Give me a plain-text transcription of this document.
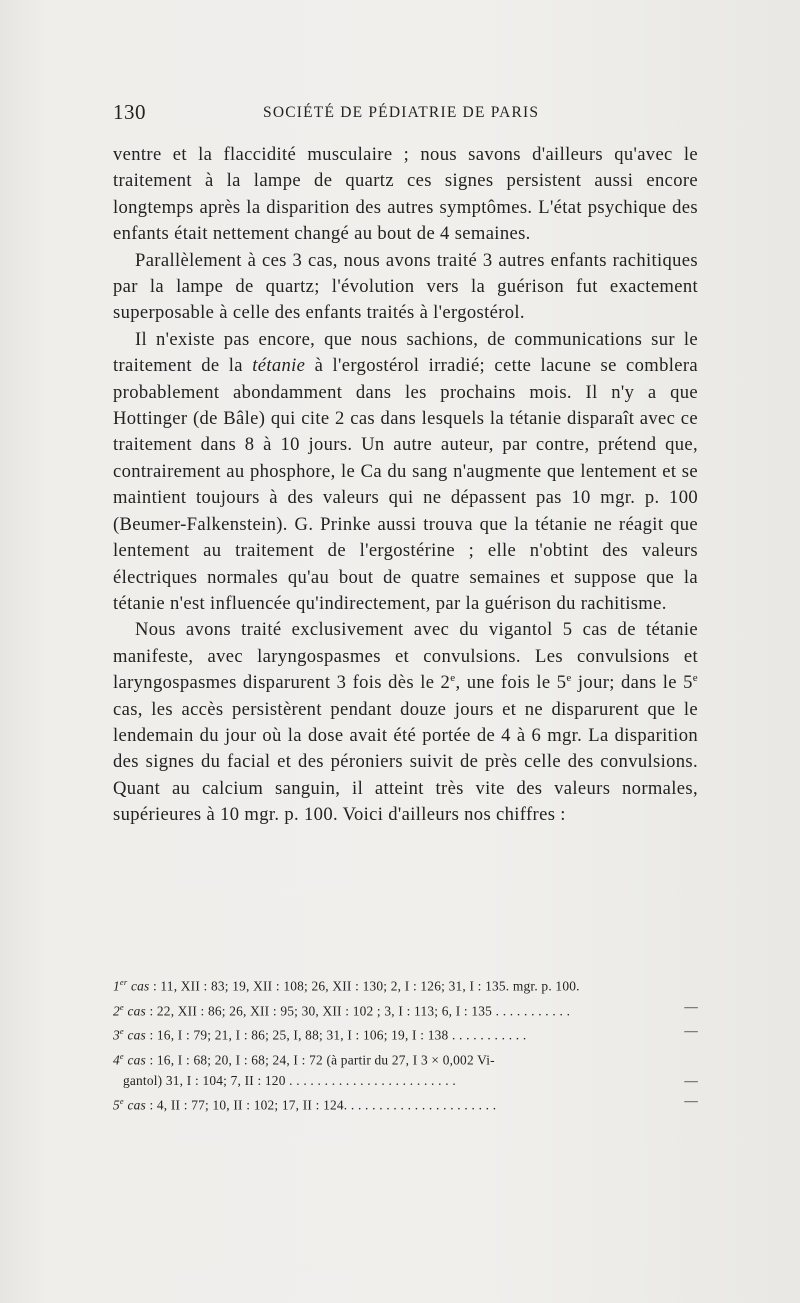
130	SOCIÉTÉ DE PÉDIATRIE DE PARIS

ventre et la flaccidité musculaire ; nous savons d'ailleurs qu'avec le traitement à la lampe de quartz ces signes persistent aussi encore longtemps après la disparition des autres symptômes. L'état psychique des enfants était nettement changé au bout de 4 semaines.

Parallèlement à ces 3 cas, nous avons traité 3 autres enfants rachitiques par la lampe de quartz; l'évolution vers la guérison fut exactement superposable à celle des enfants traités à l'ergostérol.

Il n'existe pas encore, que nous sachions, de communications sur le traitement de la tétanie à l'ergostérol irradié; cette lacune se comblera probablement abondamment dans les prochains mois. Il n'y a que Hottinger (de Bâle) qui cite 2 cas dans lesquels la tétanie disparaît avec ce traitement dans 8 à 10 jours. Un autre auteur, par contre, prétend que, contrairement au phosphore, le Ca du sang n'augmente que lentement et se maintient toujours à des valeurs qui ne dépassent pas 10 mgr. p. 100 (Beumer-Falkenstein). G. Prinke aussi trouva que la tétanie ne réagit que lentement au traitement de l'ergostérine ; elle n'obtint des valeurs électriques normales qu'au bout de quatre semaines et suppose que la tétanie n'est influencée qu'indirectement, par la guérison du rachitisme.

Nous avons traité exclusivement avec du vigantol 5 cas de tétanie manifeste, avec laryngospasmes et convulsions. Les convulsions et laryngospasmes disparurent 3 fois dès le 2e, une fois le 5e jour; dans le 5e cas, les accès persistèrent pendant douze jours et ne disparurent que le lendemain du jour où la dose avait été portée de 4 à 6 mgr. La disparition des signes du facial et des péroniers suivit de près celle des convulsions. Quant au calcium sanguin, il atteint très vite des valeurs normales, supérieures à 10 mgr. p. 100. Voici d'ailleurs nos chiffres :

1er cas : 11, XII : 83; 19, XII : 108; 26, XII : 130; 2, I : 126; 31, I : 135. mgr. p. 100.
2e cas : 22, XII : 86; 26, XII : 95; 30, XII : 102 ; 3, I : 113; 6, I : 135 . . . . . . . . . . .	—
3e cas : 16, I : 79; 21, I : 86; 25, I, 88; 31, I : 106; 19, I : 138 . . . . . . . . . . .	—
4e cas : 16, I : 68; 20, I : 68; 24, I : 72 (à partir du 27, I 3 × 0,002 Vi-
gantol) 31, I : 104; 7, II : 120 . . . . . . . . . . . . . . . . . . . . . . . .	—
5e cas : 4, II : 77; 10, II : 102; 17, II : 124. . . . . . . . . . . . . . . . . . . . . .	—
